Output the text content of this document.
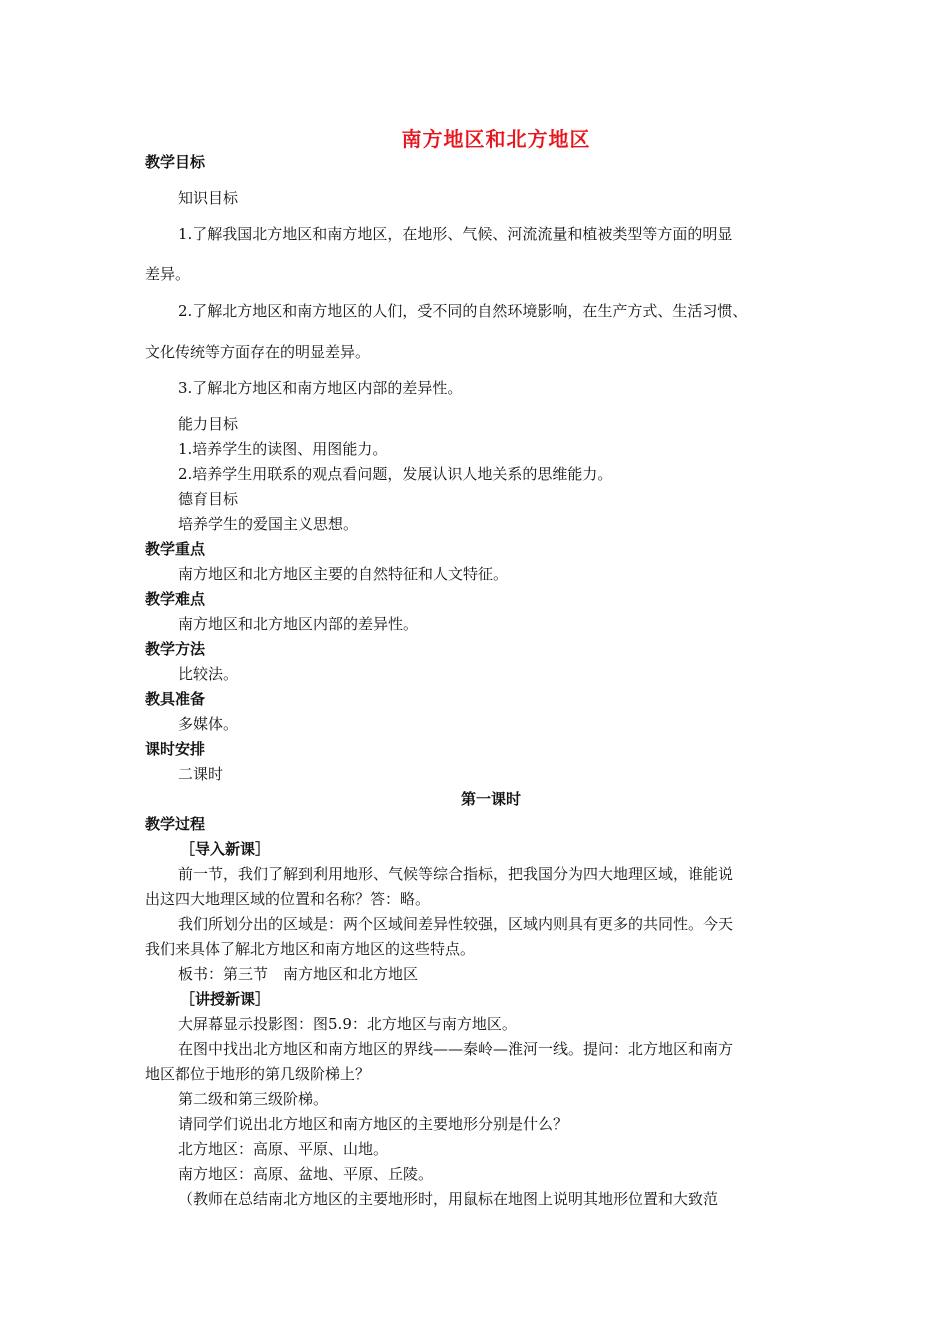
南方地区和北方地区
教学目标
知识目标
1.了解我国北方地区和南方地区，在地形、气候、河流流量和植被类型等方面的明显
差异。
2.了解北方地区和南方地区的人们，受不同的自然环境影响，在生产方式、生活习惯、
文化传统等方面存在的明显差异。
3.了解北方地区和南方地区内部的差异性。
能力目标
1.培养学生的读图、用图能力。
2.培养学生用联系的观点看问题，发展认识人地关系的思维能力。
德育目标
培养学生的爱国主义思想。
教学重点
南方地区和北方地区主要的自然特征和人文特征。
教学难点
南方地区和北方地区内部的差异性。
教学方法
比较法。
教具准备
多媒体。
课时安排
二课时
第一课时
教学过程
［导入新课］
前一节，我们了解到利用地形、气候等综合指标，把我国分为四大地理区域，谁能说
出这四大地理区域的位置和名称？答：略。
我们所划分出的区域是：两个区域间差异性较强，区域内则具有更多的共同性。今天
我们来具体了解北方地区和南方地区的这些特点。
板书：第三节　南方地区和北方地区
［讲授新课］
大屏幕显示投影图：图5.9：北方地区与南方地区。
在图中找出北方地区和南方地区的界线——秦岭—淮河一线。提问：北方地区和南方
地区都位于地形的第几级阶梯上？
第二级和第三级阶梯。
请同学们说出北方地区和南方地区的主要地形分别是什么？
北方地区：高原、平原、山地。
南方地区：高原、盆地、平原、丘陵。
（教师在总结南北方地区的主要地形时，用鼠标在地图上说明其地形位置和大致范
